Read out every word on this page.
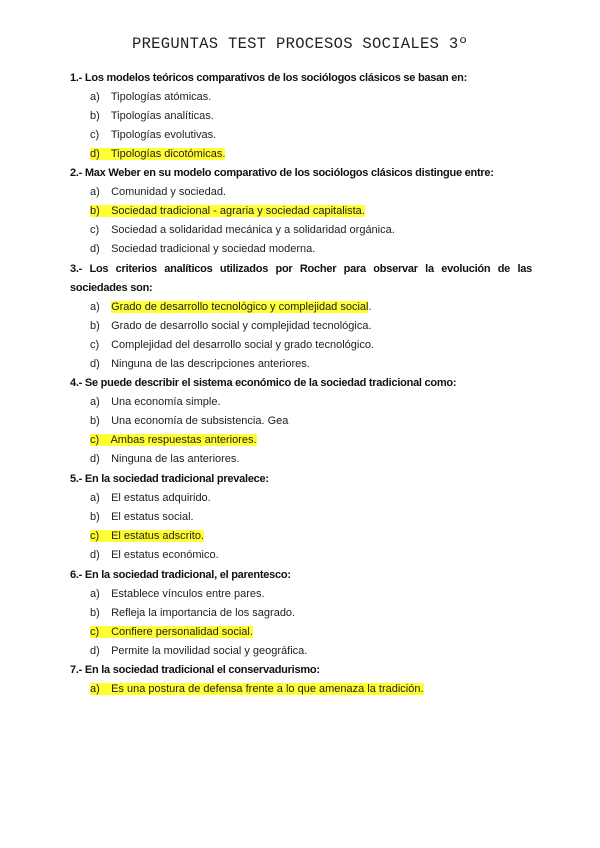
PREGUNTAS TEST PROCESOS SOCIALES 3º
1.- Los modelos teóricos comparativos de los sociólogos clásicos se basan en:
a) Tipologías atómicas.
b) Tipologías analíticas.
c) Tipologías evolutivas.
d) Tipologías dicotómicas.
2.- Max Weber en su modelo comparativo de los sociólogos clásicos distingue entre:
a) Comunidad y sociedad.
b) Sociedad tradicional - agraria y sociedad capitalista.
c) Sociedad a solidaridad mecánica y a solidaridad orgánica.
d) Sociedad tradicional y sociedad moderna.
3.- Los criterios analíticos utilizados por Rocher para observar la evolución de las sociedades son:
a) Grado de desarrollo tecnológico y complejidad social.
b) Grado de desarrollo social y complejidad tecnológica.
c) Complejidad del desarrollo social y grado tecnológico.
d) Ninguna de las descripciones anteriores.
4.- Se puede describir el sistema económico de la sociedad tradicional como:
a) Una economía simple.
b) Una economía de subsistencia. Gea
c) Ambas respuestas anteriores.
d) Ninguna de las anteriores.
5.- En la sociedad tradicional prevalece:
a) El estatus adquirido.
b) El estatus social.
c) El estatus adscrito.
d) El estatus económico.
6.- En la sociedad tradicional, el parentesco:
a) Establece vínculos entre pares.
b) Refleja la importancia de los sagrado.
c) Confiere personalidad social.
d) Permite la movilidad social y geográfica.
7.- En la sociedad tradicional el conservadurismo:
a) Es una postura de defensa frente a lo que amenaza la tradición.
